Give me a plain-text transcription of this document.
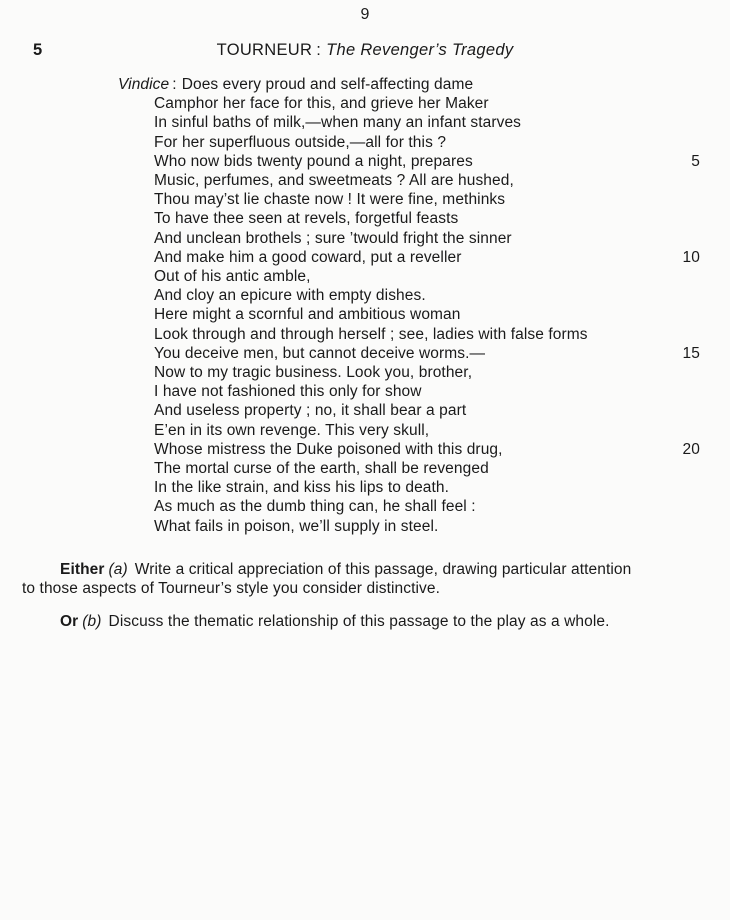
9
5	TOURNEUR : The Revenger’s Tragedy
Vindice : Does every proud and self-affecting dame
Camphor her face for this, and grieve her Maker
In sinful baths of milk,—when many an infant starves
For her superfluous outside,—all for this ?
Who now bids twenty pound a night, prepares	5
Music, perfumes, and sweetmeats ? All are hushed,
Thou may’st lie chaste now ! It were fine, methinks
To have thee seen at revels, forgetful feasts
And unclean brothels ; sure ’twould fright the sinner
And make him a good coward, put a reveller	10
Out of his antic amble,
And cloy an epicure with empty dishes.
Here might a scornful and ambitious woman
Look through and through herself ; see, ladies with false forms
You deceive men, but cannot deceive worms.—	15
Now to my tragic business. Look you, brother,
I have not fashioned this only for show
And useless property ; no, it shall bear a part
E’en in its own revenge. This very skull,
Whose mistress the Duke poisoned with this drug,	20
The mortal curse of the earth, shall be revenged
In the like strain, and kiss his lips to death.
As much as the dumb thing can, he shall feel :
What fails in poison, we’ll supply in steel.
Either (a) Write a critical appreciation of this passage, drawing particular attention
to those aspects of Tourneur’s style you consider distinctive.
Or (b) Discuss the thematic relationship of this passage to the play as a whole.
